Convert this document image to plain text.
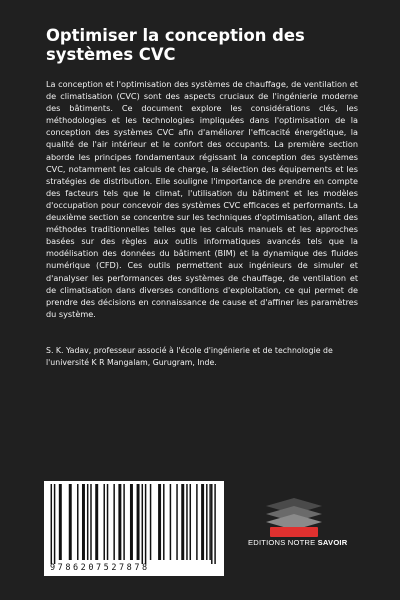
Optimiser la conception des systèmes CVC

La conception et l'optimisation des systèmes de chauffage, de ventilation et de climatisation (CVC) sont des aspects cruciaux de l'ingénierie moderne des bâtiments. Ce document explore les considérations clés, les méthodologies et les technologies impliquées dans l'optimisation de la conception des systèmes CVC afin d'améliorer l'efficacité énergétique, la qualité de l'air intérieur et le confort des occupants. La première section aborde les principes fondamentaux régissant la conception des systèmes CVC, notamment les calculs de charge, la sélection des équipements et les stratégies de distribution. Elle souligne l'importance de prendre en compte des facteurs tels que le climat, l'utilisation du bâtiment et les modèles d'occupation pour concevoir des systèmes CVC efficaces et performants. La deuxième section se concentre sur les techniques d'optimisation, allant des méthodes traditionnelles telles que les calculs manuels et les approches basées sur des règles aux outils informatiques avancés tels que la modélisation des données du bâtiment (BIM) et la dynamique des fluides numérique (CFD). Ces outils permettent aux ingénieurs de simuler et d'analyser les performances des systèmes de chauffage, de ventilation et de climatisation dans diverses conditions d'exploitation, ce qui permet de prendre des décisions en connaissance de cause et d'affiner les paramètres du système.

S. K. Yadav, professeur associé à l'école d'ingénierie et de technologie de l'université K R Mangalam, Gurugram, Inde.

9786207527878
EDITIONS NOTRE SAVOIR
